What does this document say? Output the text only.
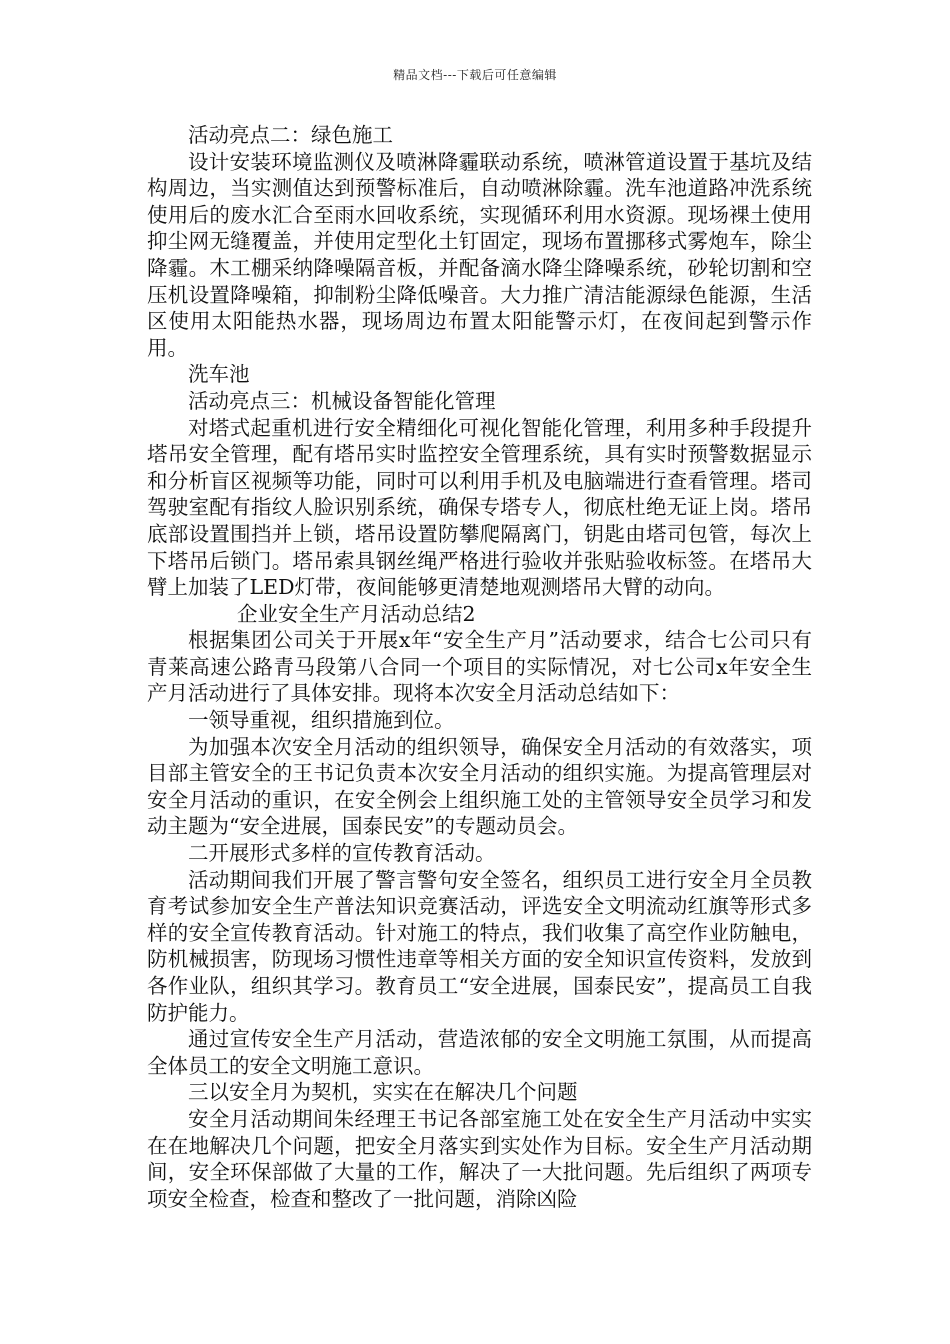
精品文档---下载后可任意编辑

活动亮点二：绿色施工

设计安装环境监测仪及喷淋降霾联动系统，喷淋管道设置于基坑及结构周边，当实测值达到预警标准后，自动喷淋除霾。洗车池道路冲洗系统使用后的废水汇合至雨水回收系统，实现循环利用水资源。现场裸土使用抑尘网无缝覆盖，并使用定型化土钉固定，现场布置挪移式雾炮车，除尘降霾。木工棚采纳降噪隔音板，并配备滴水降尘降噪系统，砂轮切割和空压机设置降噪箱，抑制粉尘降低噪音。大力推广清洁能源绿色能源，生活区使用太阳能热水器，现场周边布置太阳能警示灯，在夜间起到警示作用。

洗车池

活动亮点三：机械设备智能化管理

对塔式起重机进行安全精细化可视化智能化管理，利用多种手段提升塔吊安全管理，配有塔吊实时监控安全管理系统，具有实时预警数据显示和分析盲区视频等功能，同时可以利用手机及电脑端进行查看管理。塔司驾驶室配有指纹人脸识别系统，确保专塔专人，彻底杜绝无证上岗。塔吊底部设置围挡并上锁，塔吊设置防攀爬隔离门，钥匙由塔司包管，每次上下塔吊后锁门。塔吊索具钢丝绳严格进行验收并张贴验收标签。在塔吊大臂上加装了LED灯带，夜间能够更清楚地观测塔吊大臂的动向。

企业安全生产月活动总结2

根据集团公司关于开展x年“安全生产月”活动要求，结合七公司只有青莱高速公路青马段第八合同一个项目的实际情况，对七公司x年安全生产月活动进行了具体安排。现将本次安全月活动总结如下：

一领导重视，组织措施到位。

为加强本次安全月活动的组织领导，确保安全月活动的有效落实，项目部主管安全的王书记负责本次安全月活动的组织实施。为提高管理层对安全月活动的重识，在安全例会上组织施工处的主管领导安全员学习和发动主题为“安全进展，国泰民安”的专题动员会。

二开展形式多样的宣传教育活动。

活动期间我们开展了警言警句安全签名，组织员工进行安全月全员教育考试参加安全生产普法知识竞赛活动，评选安全文明流动红旗等形式多样的安全宣传教育活动。针对施工的特点，我们收集了高空作业防触电，防机械损害，防现场习惯性违章等相关方面的安全知识宣传资料，发放到各作业队，组织其学习。教育员工“安全进展，国泰民安”，提高员工自我防护能力。

通过宣传安全生产月活动，营造浓郁的安全文明施工氛围，从而提高全体员工的安全文明施工意识。

三以安全月为契机，实实在在解决几个问题

安全月活动期间朱经理王书记各部室施工处在安全生产月活动中实实在在地解决几个问题，把安全月落实到实处作为目标。安全生产月活动期间，安全环保部做了大量的工作，解决了一大批问题。先后组织了两项专项安全检查，检查和整改了一批问题，消除凶险
